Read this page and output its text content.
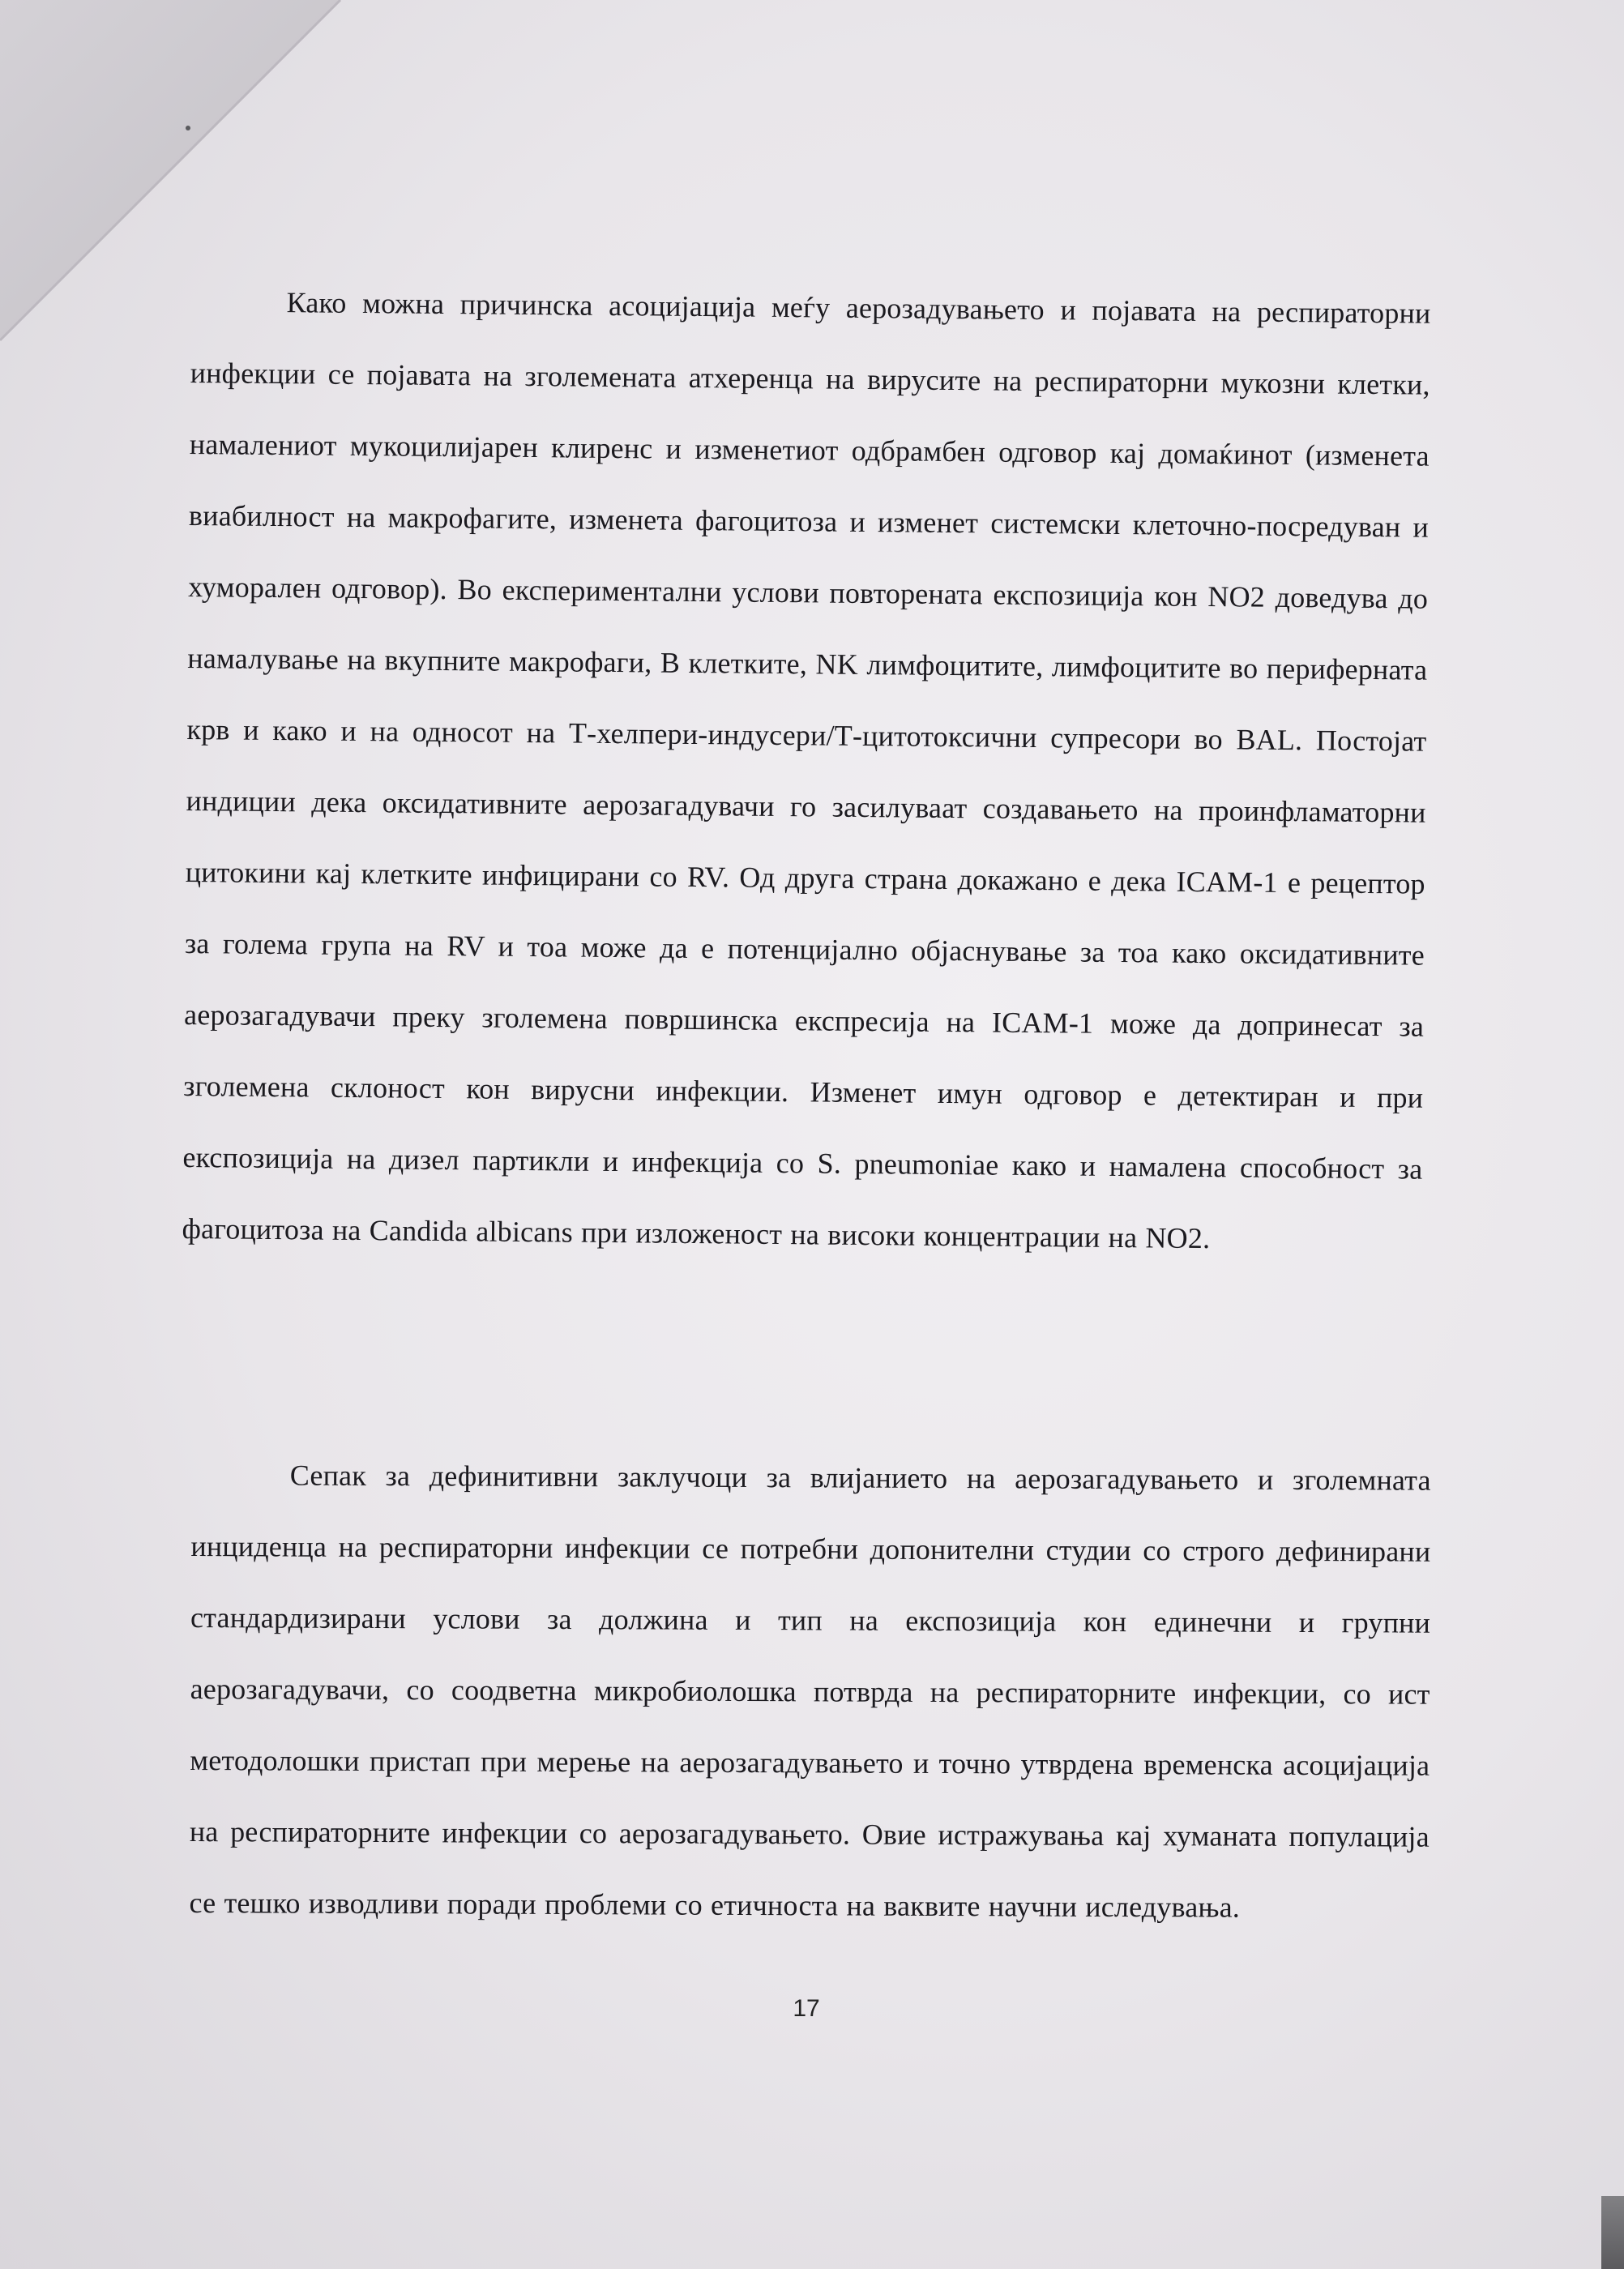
Како можна причинска асоцијација меѓу аерозадувањето и појавата на респираторни инфекции се појавата на зголемената атхеренца на вирусите на респираторни мукозни клетки, намалениот мукоцилијарен клиренс и изменетиот одбрамбен одговор кај домаќинот (изменета виабилност на макрофагите, изменета фагоцитоза и изменет системски клеточно-посредуван и хуморален одговор). Во експериментални услови повторената експозиција кон NO2 доведува до намалување на вкупните макрофаги, B клетките, NK лимфоцитите, лимфоцитите во периферната крв и како и на односот на Т-хелпери-индусери/Т-цитотоксични супресори во BAL. Постојат индиции дека оксидативните аерозагадувачи го засилуваат создавањето на проинфламаторни цитокини кај клетките инфицирани со RV. Од друга страна докажано е дека ICAM-1 е рецептор за голема група на RV и тоа може да е потенцијално објаснување за тоа како оксидативните аерозагадувачи преку зголемена површинска експресија на ICAM-1 може да допринесат за зголемена склоност кон вирусни инфекции. Изменет имун одговор е детектиран и при експозиција на дизел партикли и инфекција со S. pneumoniae како и намалена способност за фагоцитоза на Candida albicans при изложеност на високи концентрации на NO2.

Сепак за дефинитивни заклучоци за влијанието на аерозагадувањето и зголемната инциденца на респираторни инфекции се потребни допонителни студии со строго дефинирани стандардизирани услови за должина и тип на експозиција кон единечни и групни аерозагадувачи, со соодветна микробиолошка потврда на респираторните инфекции, со ист методолошки пристап при мерење на аерозагадувањето и точно утврдена временска асоцијација на респираторните инфекции со аерозагадувањето. Овие истражувања кај хуманата популација се тешко изводливи поради проблеми со етичноста на ваквите научни иследувања.

17
